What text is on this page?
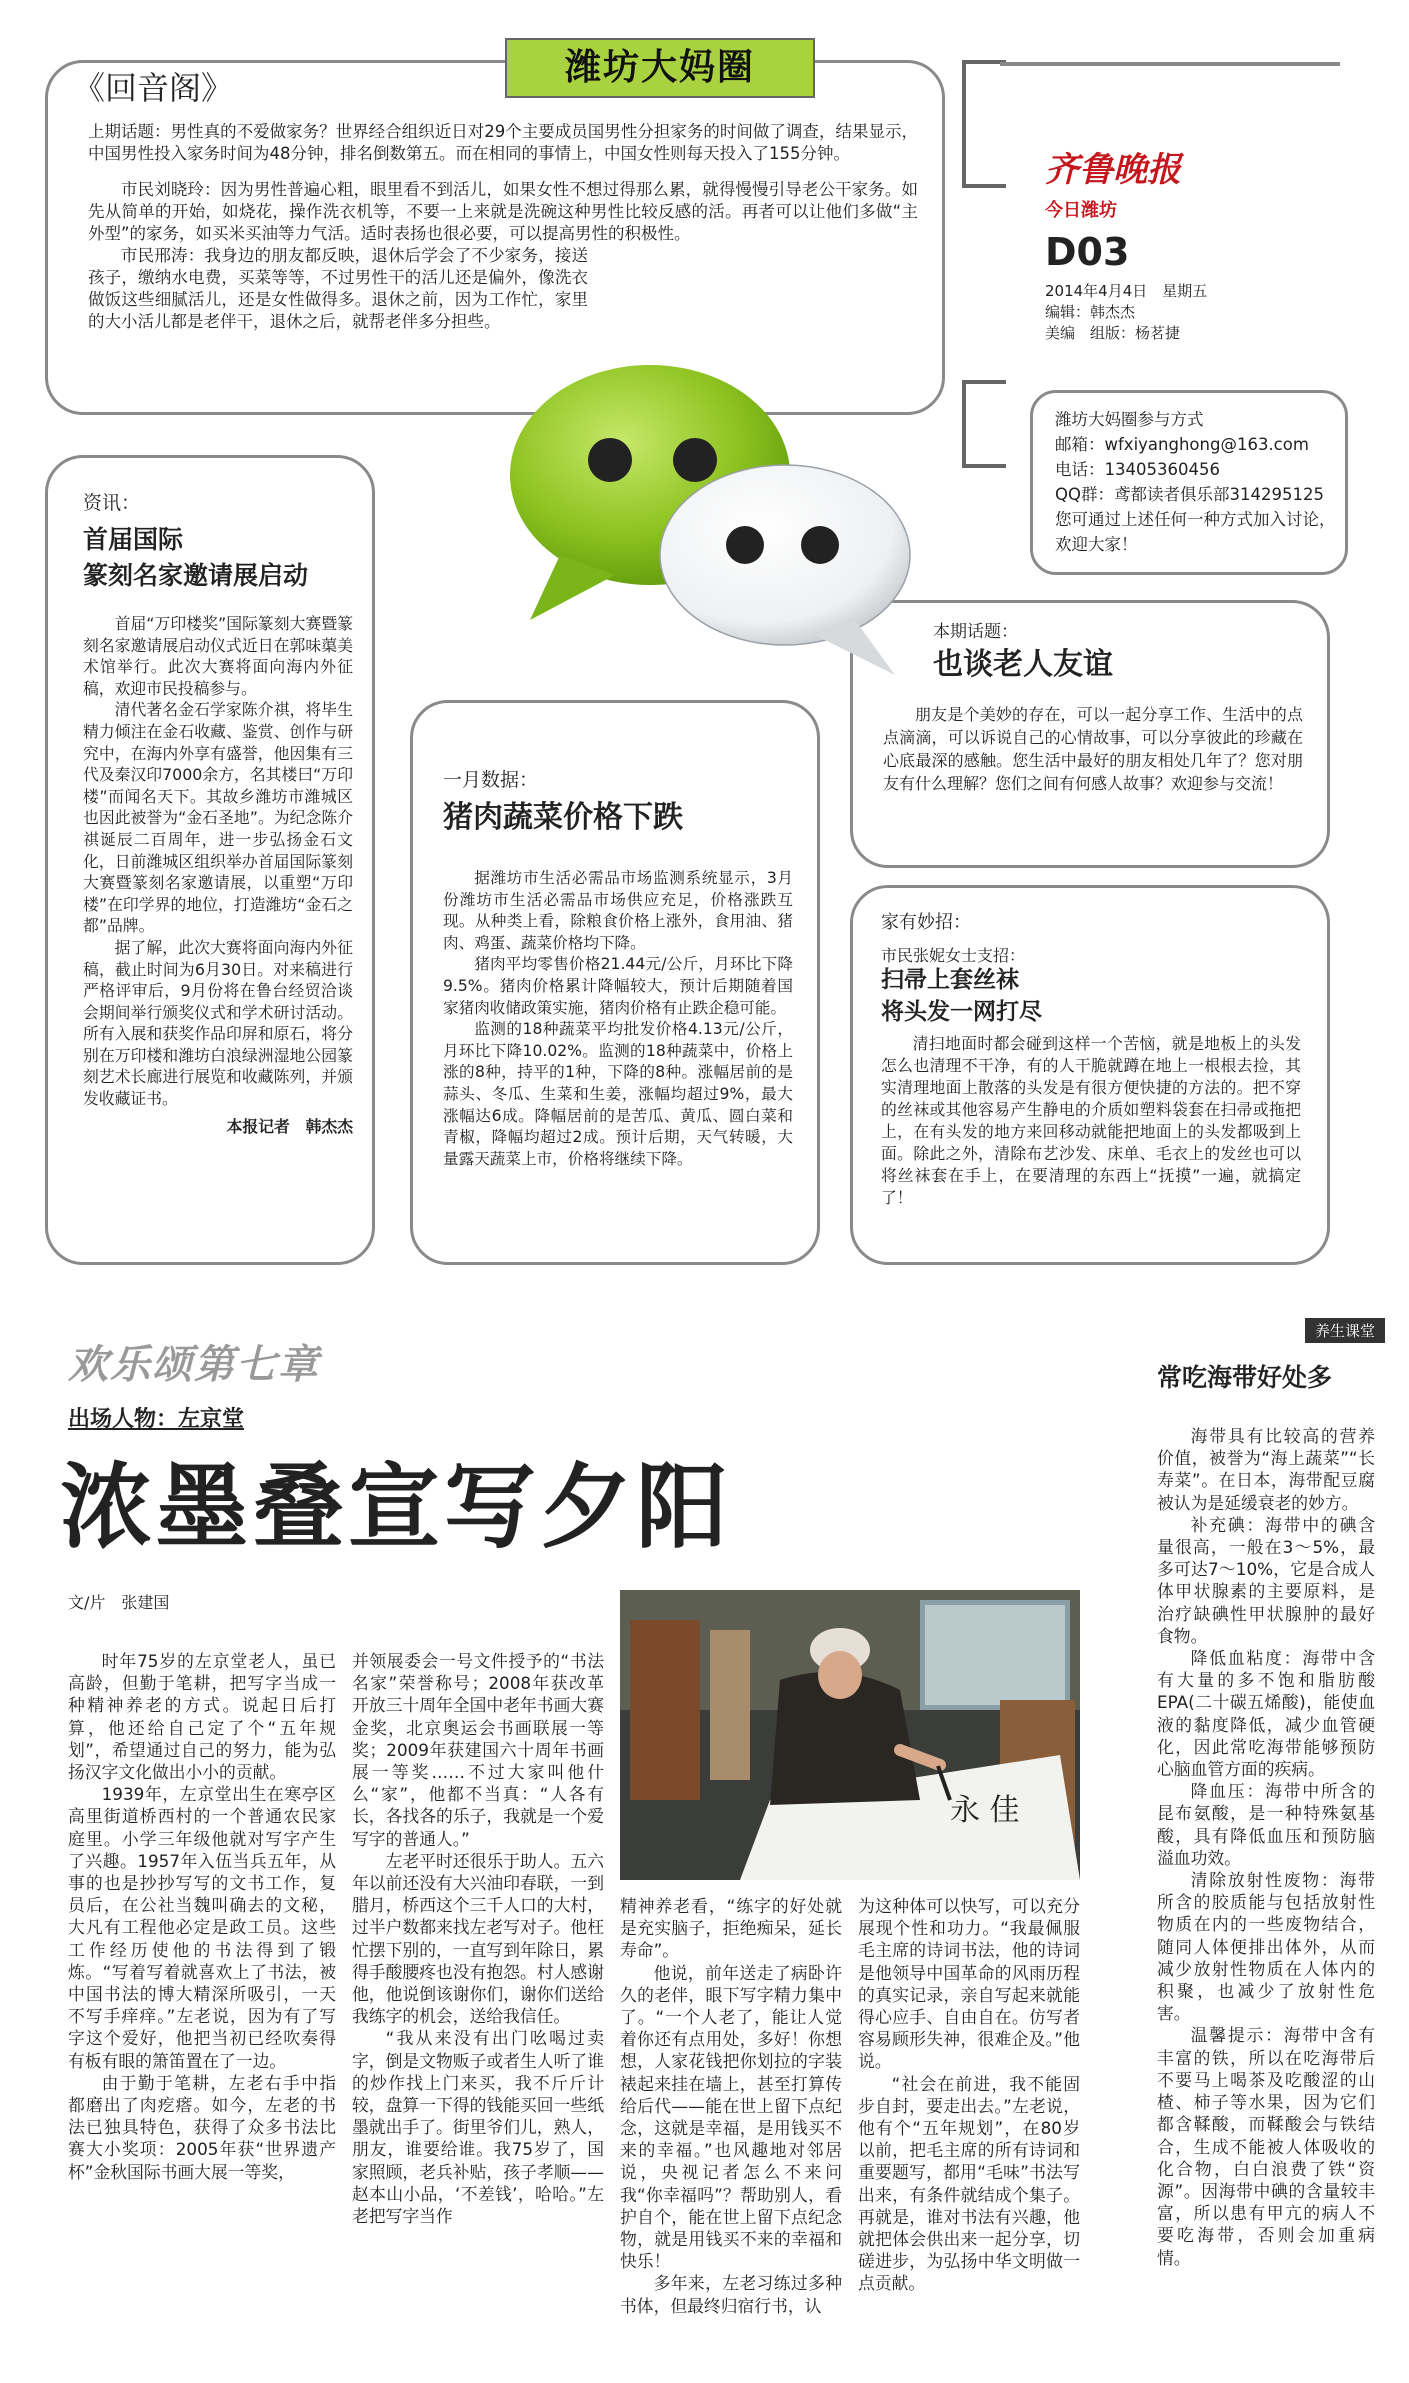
《回音阁》
上期话题：男性真的不爱做家务？世界经合组织近日对29个主要成员国男性分担家务的时间做了调查，结果显示，中国男性投入家务时间为48分钟，排名倒数第五。而在相同的事情上，中国女性则每天投入了155分钟。

市民刘晓玲：因为男性普遍心粗，眼里看不到活儿，如果女性不想过得那么累，就得慢慢引导老公干家务。如先从简单的开始，如烧花，操作洗衣机等，不要一上来就是洗碗这种男性比较反感的活。再者可以让他们多做“主外型”的家务，如买米买油等力气活。适时表扬也很必要，可以提高男性的积极性。

市民邢涛：我身边的朋友都反映，退休后学会了不少家务，接送孩子，缴纳水电费，买菜等等，不过男性干的活儿还是偏外，像洗衣做饭这些细腻活儿，还是女性做得多。退休之前，因为工作忙，家里的大小活儿都是老伴干，退休之后，就帮老伴多分担些。

潍坊大妈圈
齐鲁晚报
今日潍坊
D03
2014年4月4日　星期五
编辑：韩杰杰
美编　组版：杨茗捷
潍坊大妈圈参与方式
邮箱：wfxiyanghong@163.com
电话：13405360456
QQ群：鸢都读者俱乐部314295125
您可通过上述任何一种方式加入讨论，欢迎大家！
资讯：
首届国际
篆刻名家邀请展启动

首届“万印楼奖”国际篆刻大赛暨篆刻名家邀请展启动仪式近日在郭味蕖美术馆举行。此次大赛将面向海内外征稿，欢迎市民投稿参与。

清代著名金石学家陈介祺，将毕生精力倾注在金石收藏、鉴赏、创作与研究中，在海内外享有盛誉，他因集有三代及秦汉印7000余方，名其楼曰“万印楼”而闻名天下。其故乡潍坊市潍城区也因此被誉为“金石圣地”。为纪念陈介祺诞辰二百周年，进一步弘扬金石文化，日前潍城区组织举办首届国际篆刻大赛暨篆刻名家邀请展，以重塑“万印楼”在印学界的地位，打造潍坊“金石之都”品牌。

据了解，此次大赛将面向海内外征稿，截止时间为6月30日。对来稿进行严格评审后，9月份将在鲁台经贸洽谈会期间举行颁奖仪式和学术研讨活动。所有入展和获奖作品印屏和原石，将分别在万印楼和潍坊白浪绿洲湿地公园篆刻艺术长廊进行展览和收藏陈列，并颁发收藏证书。

本报记者　韩杰杰
一月数据：
猪肉蔬菜价格下跌

据潍坊市生活必需品市场监测系统显示，3月份潍坊市生活必需品市场供应充足，价格涨跌互现。从种类上看，除粮食价格上涨外，食用油、猪肉、鸡蛋、蔬菜价格均下降。

猪肉平均零售价格21.44元/公斤，月环比下降9.5%。猪肉价格累计降幅较大，预计后期随着国家猪肉收储政策实施，猪肉价格有止跌企稳可能。

监测的18种蔬菜平均批发价格4.13元/公斤，月环比下降10.02%。监测的18种蔬菜中，价格上涨的8种，持平的1种，下降的8种。涨幅居前的是蒜头、冬瓜、生菜和生姜，涨幅均超过9%，最大涨幅达6成。降幅居前的是苦瓜、黄瓜、圆白菜和青椒，降幅均超过2成。预计后期，天气转暖，大量露天蔬菜上市，价格将继续下降。

本期话题：
也谈老人友谊

朋友是个美妙的存在，可以一起分享工作、生活中的点点滴滴，可以诉说自己的心情故事，可以分享彼此的珍藏在心底最深的感触。您生活中最好的朋友相处几年了？您对朋友有什么理解？您们之间有何感人故事？欢迎参与交流！

家有妙招：
市民张妮女士支招：
扫帚上套丝袜
将头发一网打尽

清扫地面时都会碰到这样一个苦恼，就是地板上的头发怎么也清理不干净，有的人干脆就蹲在地上一根根去捡，其实清理地面上散落的头发是有很方便快捷的方法的。把不穿的丝袜或其他容易产生静电的介质如塑料袋套在扫帚或拖把上，在有头发的地方来回移动就能把地面上的头发都吸到上面。除此之外，清除布艺沙发、床单、毛衣上的发丝也可以将丝袜套在手上，在要清理的东西上“抚摸”一遍，就搞定了！

欢乐颂第七章
出场人物：左京堂
浓墨叠宣写夕阳
文/片　张建国
永 佳

时年75岁的左京堂老人，虽已高龄，但勤于笔耕，把写字当成一种精神养老的方式。说起日后打算，他还给自己定了个“五年规划”，希望通过自己的努力，能为弘扬汉字文化做出小小的贡献。

1939年，左京堂出生在寒亭区高里街道桥西村的一个普通农民家庭里。小学三年级他就对写字产生了兴趣。1957年入伍当兵五年，从事的也是抄抄写写的文书工作，复员后，在公社当魏叫确去的文秘，大凡有工程他必定是政工员。这些工作经历使他的书法得到了锻炼。“写着写着就喜欢上了书法，被中国书法的博大精深所吸引，一天不写手痒痒。”左老说，因为有了写字这个爱好，他把当初已经吹奏得有板有眼的箫笛置在了一边。

由于勤于笔耕，左老右手中指都磨出了肉疙瘩。如今，左老的书法已独具特色，获得了众多书法比赛大小奖项：2005年获“世界遗产杯”金秋国际书画大展一等奖，

并领展委会一号文件授予的“书法名家”荣誉称号；2008年获改革开放三十周年全国中老年书画大赛金奖，北京奥运会书画联展一等奖；2009年获建国六十周年书画展一等奖……不过大家叫他什么“家”，他都不当真：“人各有长，各找各的乐子，我就是一个爱写字的普通人。”

左老平时还很乐于助人。五六年以前还没有大兴油印春联，一到腊月，桥西这个三千人口的大村，过半户数都来找左老写对子。他枉忙摆下别的，一直写到年除日，累得手酸腰疼也没有抱怨。村人感谢他，他说倒该谢你们，谢你们送给我练字的机会，送给我信任。

“我从来没有出门吆喝过卖字，倒是文物贩子或者生人听了谁的炒作找上门来买，我不斤斤计较，盘算一下得的钱能买回一些纸墨就出手了。街里爷们儿，熟人，朋友，谁要给谁。我75岁了，国家照顾，老兵补贴，孩子孝顺——赵本山小品，‘不差钱’，哈哈。”左老把写字当作

精神养老看，“练字的好处就是充实脑子，拒绝痴呆，延长寿命”。

他说，前年送走了病卧许久的老伴，眼下写字精力集中了。“一个人老了，能让人觉着你还有点用处，多好！你想想，人家花钱把你划拉的字装裱起来挂在墙上，甚至打算传给后代——能在世上留下点纪念，这就是幸福，是用钱买不来的幸福。”也风趣地对邻居说，央视记者怎么不来问我“你幸福吗”？帮助别人，看护自个，能在世上留下点纪念物，就是用钱买不来的幸福和快乐！

多年来，左老习练过多种书体，但最终归宿行书，认

为这种体可以快写，可以充分展现个性和功力。“我最佩服毛主席的诗词书法，他的诗词是他领导中国革命的风雨历程的真实记录，亲自写起来就能得心应手、自由自在。仿写者容易顾形失神，很难企及。”他说。

“社会在前进，我不能固步自封，要走出去。”左老说，他有个“五年规划”，在80岁以前，把毛主席的所有诗词和重要题写，都用“毛味”书法写出来，有条件就结成个集子。再就是，谁对书法有兴趣，他就把体会供出来一起分享，切磋进步，为弘扬中华文明做一点贡献。

养生课堂
常吃海带好处多

海带具有比较高的营养价值，被誉为“海上蔬菜”“长寿菜”。在日本，海带配豆腐被认为是延缓衰老的妙方。

补充碘：海带中的碘含量很高，一般在3～5%，最多可达7～10%，它是合成人体甲状腺素的主要原料，是治疗缺碘性甲状腺肿的最好食物。

降低血粘度：海带中含有大量的多不饱和脂肪酸EPA(二十碳五烯酸)，能使血液的黏度降低，减少血管硬化，因此常吃海带能够预防心脑血管方面的疾病。

降血压：海带中所含的昆布氨酸，是一种特殊氨基酸，具有降低血压和预防脑溢血功效。

清除放射性废物：海带所含的胶质能与包括放射性物质在内的一些废物结合，随同人体便排出体外，从而减少放射性物质在人体内的积聚，也减少了放射性危害。

温馨提示：海带中含有丰富的铁，所以在吃海带后不要马上喝茶及吃酸涩的山楂、柿子等水果，因为它们都含鞣酸，而鞣酸会与铁结合，生成不能被人体吸收的化合物，白白浪费了铁“资源”。因海带中碘的含量较丰富，所以患有甲亢的病人不要吃海带，否则会加重病情。
